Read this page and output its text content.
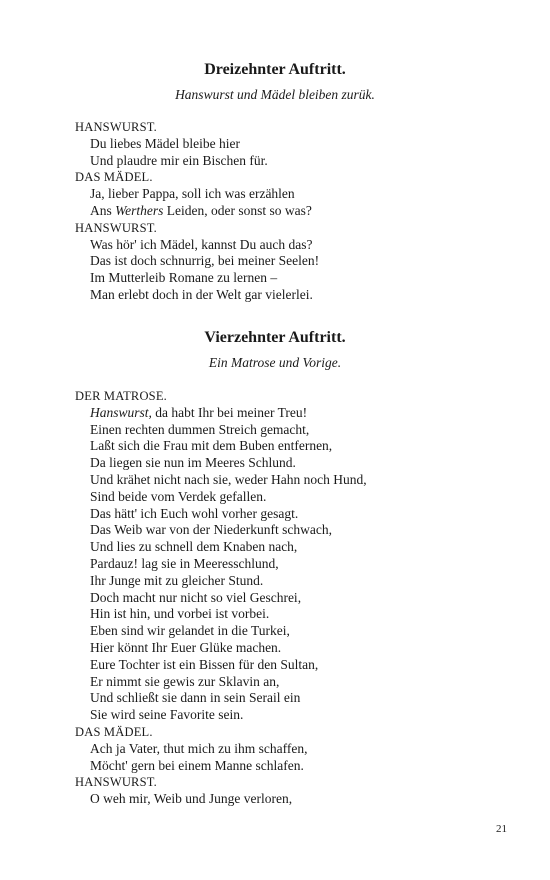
Dreizehnter Auftritt.
Hanswurst und Mädel bleiben zurük.
HANSWURST.
Du liebes Mädel bleibe hier
Und plaudre mir ein Bischen für.
DAS MÄDEL.
Ja, lieber Pappa, soll ich was erzählen
Ans Werthers Leiden, oder sonst so was?
HANSWURST.
Was hör' ich Mädel, kannst Du auch das?
Das ist doch schnurrig, bei meiner Seelen!
Im Mutterleib Romane zu lernen –
Man erlebt doch in der Welt gar vielerlei.
Vierzehnter Auftritt.
Ein Matrose und Vorige.
DER MATROSE.
Hanswurst, da habt Ihr bei meiner Treu!
Einen rechten dummen Streich gemacht,
Laßt sich die Frau mit dem Buben entfernen,
Da liegen sie nun im Meeres Schlund.
Und krähet nicht nach sie, weder Hahn noch Hund,
Sind beide vom Verdek gefallen.
Das hätt' ich Euch wohl vorher gesagt.
Das Weib war von der Niederkunft schwach,
Und lies zu schnell dem Knaben nach,
Pardauz! lag sie in Meeresschlund,
Ihr Junge mit zu gleicher Stund.
Doch macht nur nicht so viel Geschrei,
Hin ist hin, und vorbei ist vorbei.
Eben sind wir gelandet in die Turkei,
Hier könnt Ihr Euer Glüke machen.
Eure Tochter ist ein Bissen für den Sultan,
Er nimmt sie gewis zur Sklavin an,
Und schließt sie dann in sein Serail ein
Sie wird seine Favorite sein.
DAS MÄDEL.
Ach ja Vater, thut mich zu ihm schaffen,
Möcht' gern bei einem Manne schlafen.
HANSWURST.
O weh mir, Weib und Junge verloren,
21
